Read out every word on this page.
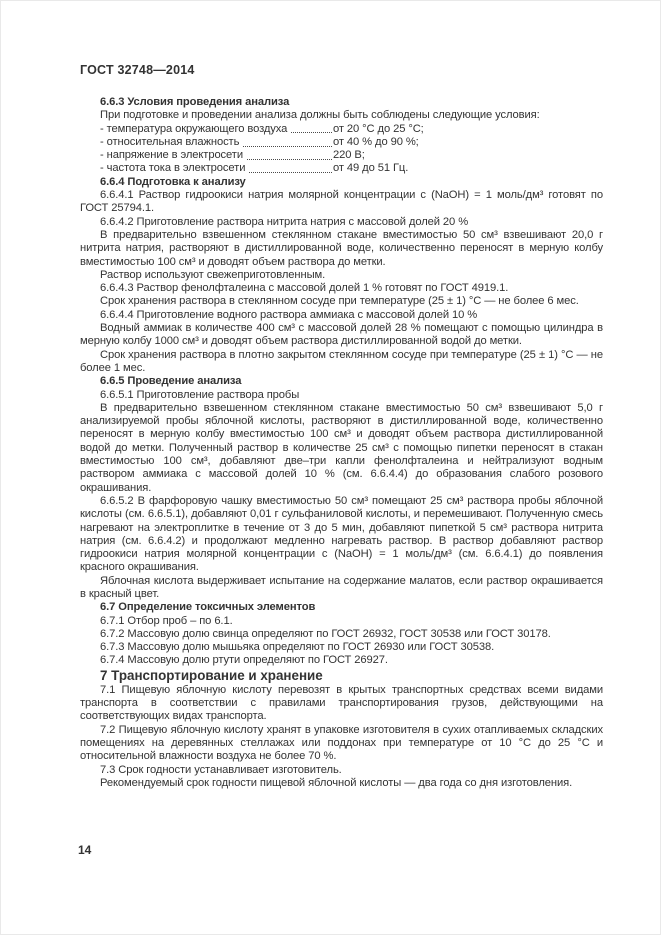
ГОСТ 32748—2014

6.6.3 Условия проведения анализа

При подготовке и проведении анализа должны быть соблюдены следующие условия:

- температура окружающего воздуха	от 20 °С до 25 °С;
- относительная влажность	от 40 % до 90 %;
- напряжение в электросети	220 В;
- частота тока в электросети	от 49 до 51 Гц.

6.6.4 Подготовка к анализу

6.6.4.1 Раствор гидроокиси натрия молярной концентрации c (NaOH) = 1 моль/дм³ готовят по ГОСТ 25794.1.

6.6.4.2 Приготовление раствора нитрита натрия с массовой долей 20 %

В предварительно взвешенном стеклянном стакане вместимостью 50 см³ взвешивают 20,0 г нитрита натрия, растворяют в дистиллированной воде, количественно переносят в мерную колбу вместимостью 100 см³ и доводят объем раствора до метки.

Раствор используют свежеприготовленным.

6.6.4.3 Раствор фенолфталеина с массовой долей 1 % готовят по ГОСТ 4919.1.

Срок хранения раствора в стеклянном сосуде при температуре (25 ± 1) °С — не более 6 мес.

6.6.4.4 Приготовление водного раствора аммиака с массовой долей 10 %

Водный аммиак в количестве 400 см³ с массовой долей 28 % помещают с помощью цилиндра в мерную колбу 1000 см³ и доводят объем раствора дистиллированной водой до метки.

Срок хранения раствора в плотно закрытом стеклянном сосуде при температуре (25 ± 1) °С — не более 1 мес.

6.6.5 Проведение анализа

6.6.5.1 Приготовление раствора пробы

В предварительно взвешенном стеклянном стакане вместимостью 50 см³ взвешивают 5,0 г анализируемой пробы яблочной кислоты, растворяют в дистиллированной воде, количественно переносят в мерную колбу вместимостью 100 см³ и доводят объем раствора дистиллированной водой до метки. Полученный раствор в количестве 25 см³ с помощью пипетки переносят в стакан вместимостью 100 см³, добавляют две–три капли фенолфталеина и нейтрализуют водным раствором аммиака с массовой долей 10 % (см. 6.6.4.4) до образования слабого розового окрашивания.

6.6.5.2 В фарфоровую чашку вместимостью 50 см³ помещают 25 см³ раствора пробы яблочной кислоты (см. 6.6.5.1), добавляют 0,01 г сульфаниловой кислоты, и перемешивают. Полученную смесь нагревают на электроплитке в течение от 3 до 5 мин, добавляют пипеткой 5 см³ раствора нитрита натрия (см. 6.6.4.2) и продолжают медленно нагревать раствор. В раствор добавляют раствор гидроокиси натрия молярной концентрации c (NaOH) = 1 моль/дм³ (см. 6.6.4.1) до появления красного окрашивания.

Яблочная кислота выдерживает испытание на содержание малатов, если раствор окрашивается в красный цвет.

6.7 Определение токсичных элементов

6.7.1 Отбор проб – по 6.1.

6.7.2 Массовую долю свинца определяют по ГОСТ 26932, ГОСТ 30538 или ГОСТ 30178.

6.7.3 Массовую долю мышьяка определяют по ГОСТ 26930 или ГОСТ 30538.

6.7.4 Массовую долю ртути определяют по ГОСТ 26927.

7 Транспортирование и хранение

7.1 Пищевую яблочную кислоту перевозят в крытых транспортных средствах всеми видами транспорта в соответствии с правилами транспортирования грузов, действующими на соответствующих видах транспорта.

7.2 Пищевую яблочную кислоту хранят в упаковке изготовителя в сухих отапливаемых складских помещениях на деревянных стеллажах или поддонах при температуре от 10 °С до 25 °С и относительной влажности воздуха не более 70 %.

7.3 Срок годности устанавливает изготовитель.

Рекомендуемый срок годности пищевой яблочной кислоты — два года со дня изготовления.

14
